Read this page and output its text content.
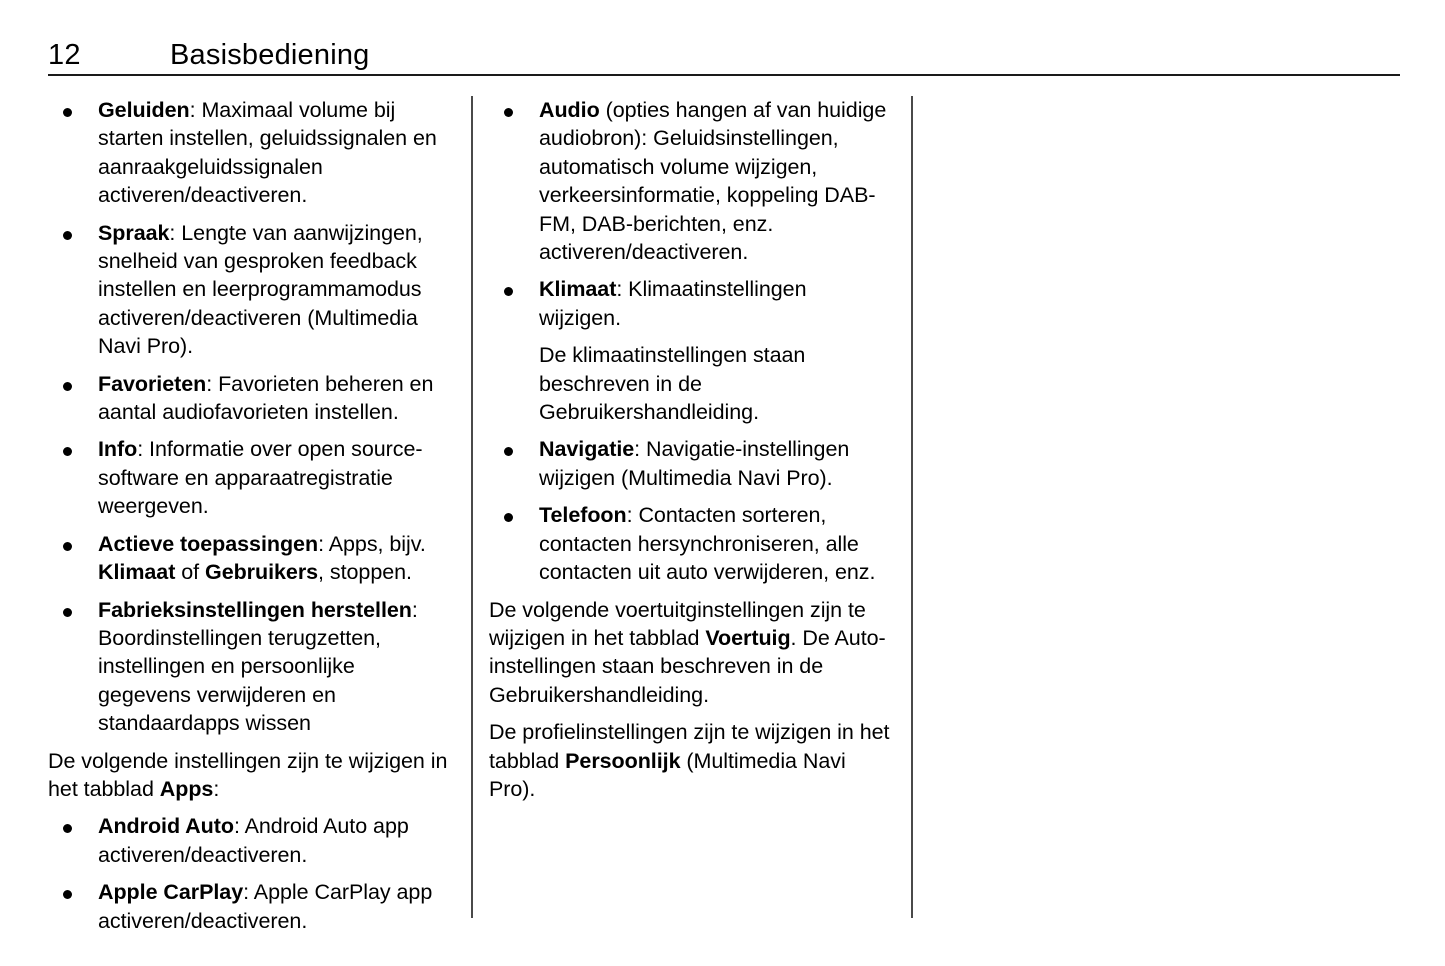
12	Basisbediening
Geluiden: Maximaal volume bij starten instellen, geluidssignalen en aanraakgeluidssignalen activeren/deactiveren.
Spraak: Lengte van aanwijzingen, snelheid van gesproken feedback instellen en leerprogrammamodus activeren/deactiveren (Multimedia Navi Pro).
Favorieten: Favorieten beheren en aantal audiofavorieten instellen.
Info: Informatie over open source-software en apparaatregistratie weergeven.
Actieve toepassingen: Apps, bijv. Klimaat of Gebruikers, stoppen.
Fabrieksinstellingen herstellen: Boordinstellingen terugzetten, instellingen en persoonlijke gegevens verwijderen en standaardapps wissen
De volgende instellingen zijn te wijzigen in het tabblad Apps:
Android Auto: Android Auto app activeren/deactiveren.
Apple CarPlay: Apple CarPlay app activeren/deactiveren.
Audio (opties hangen af van huidige audiobron): Geluidsinstellingen, automatisch volume wijzigen, verkeersinformatie, koppeling DAB-FM, DAB-berichten, enz. activeren/deactiveren.
Klimaat: Klimaatinstellingen wijzigen.
De klimaatinstellingen staan beschreven in de Gebruikershandleiding.
Navigatie: Navigatie-instellingen wijzigen (Multimedia Navi Pro).
Telefoon: Contacten sorteren, contacten hersynchroniseren, alle contacten uit auto verwijderen, enz.
De volgende voertuitginstellingen zijn te wijzigen in het tabblad Voertuig. De Auto-instellingen staan beschreven in de Gebruikershandleiding.
De profielinstellingen zijn te wijzigen in het tabblad Persoonlijk (Multimedia Navi Pro).
